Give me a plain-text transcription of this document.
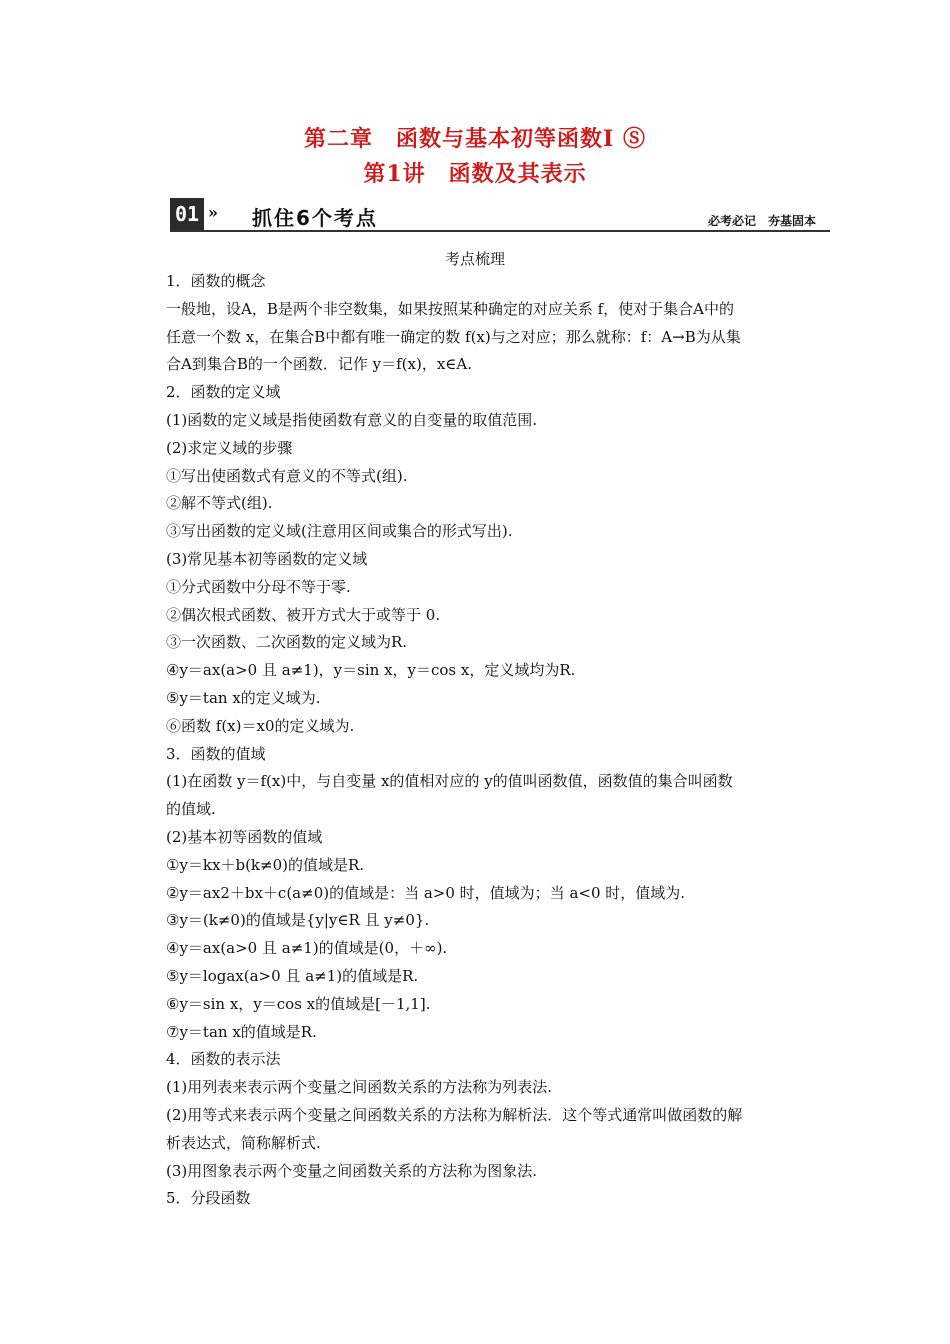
第二章　函数与基本初等函数Ⅰ Ⓢ
第1讲　函数及其表示
01 » 抓住6个考点	必考必记　夯基固本
考点梳理

1．函数的概念

一般地，设A，B是两个非空数集，如果按照某种确定的对应关系 f，使对于集合A中的

任意一个数 x，在集合B中都有唯一确定的数 f(x)与之对应；那么就称：f：A→B为从集

合A到集合B的一个函数．记作 y＝f(x)，x∈A.

2．函数的定义域

(1)函数的定义域是指使函数有意义的自变量的取值范围.

(2)求定义域的步骤

①写出使函数式有意义的不等式(组).

②解不等式(组).

③写出函数的定义域(注意用区间或集合的形式写出).

(3)常见基本初等函数的定义域

①分式函数中分母不等于零.

②偶次根式函数、被开方式大于或等于 0.

③一次函数、二次函数的定义域为R.

④y＝ax(a>0 且 a≠1)，y＝sin x，y＝cos x，定义域均为R.

⑤y＝tan x的定义域为.

⑥函数 f(x)＝x0的定义域为.

3．函数的值域

(1)在函数 y＝f(x)中，与自变量 x的值相对应的 y的值叫函数值，函数值的集合叫函数

的值域.

(2)基本初等函数的值域

①y＝kx＋b(k≠0)的值域是R.

②y＝ax2＋bx＋c(a≠0)的值域是：当 a>0 时，值域为；当 a<0 时，值域为.

③y＝(k≠0)的值域是{y|y∈R 且 y≠0}.

④y＝ax(a>0 且 a≠1)的值域是(0，＋∞).

⑤y＝logax(a>0 且 a≠1)的值域是R.

⑥y＝sin x，y＝cos x的值域是[－1,1].

⑦y＝tan x的值域是R.

4．函数的表示法

(1)用列表来表示两个变量之间函数关系的方法称为列表法.

(2)用等式来表示两个变量之间函数关系的方法称为解析法．这个等式通常叫做函数的解

析表达式，简称解析式.

(3)用图象表示两个变量之间函数关系的方法称为图象法.

5．分段函数
